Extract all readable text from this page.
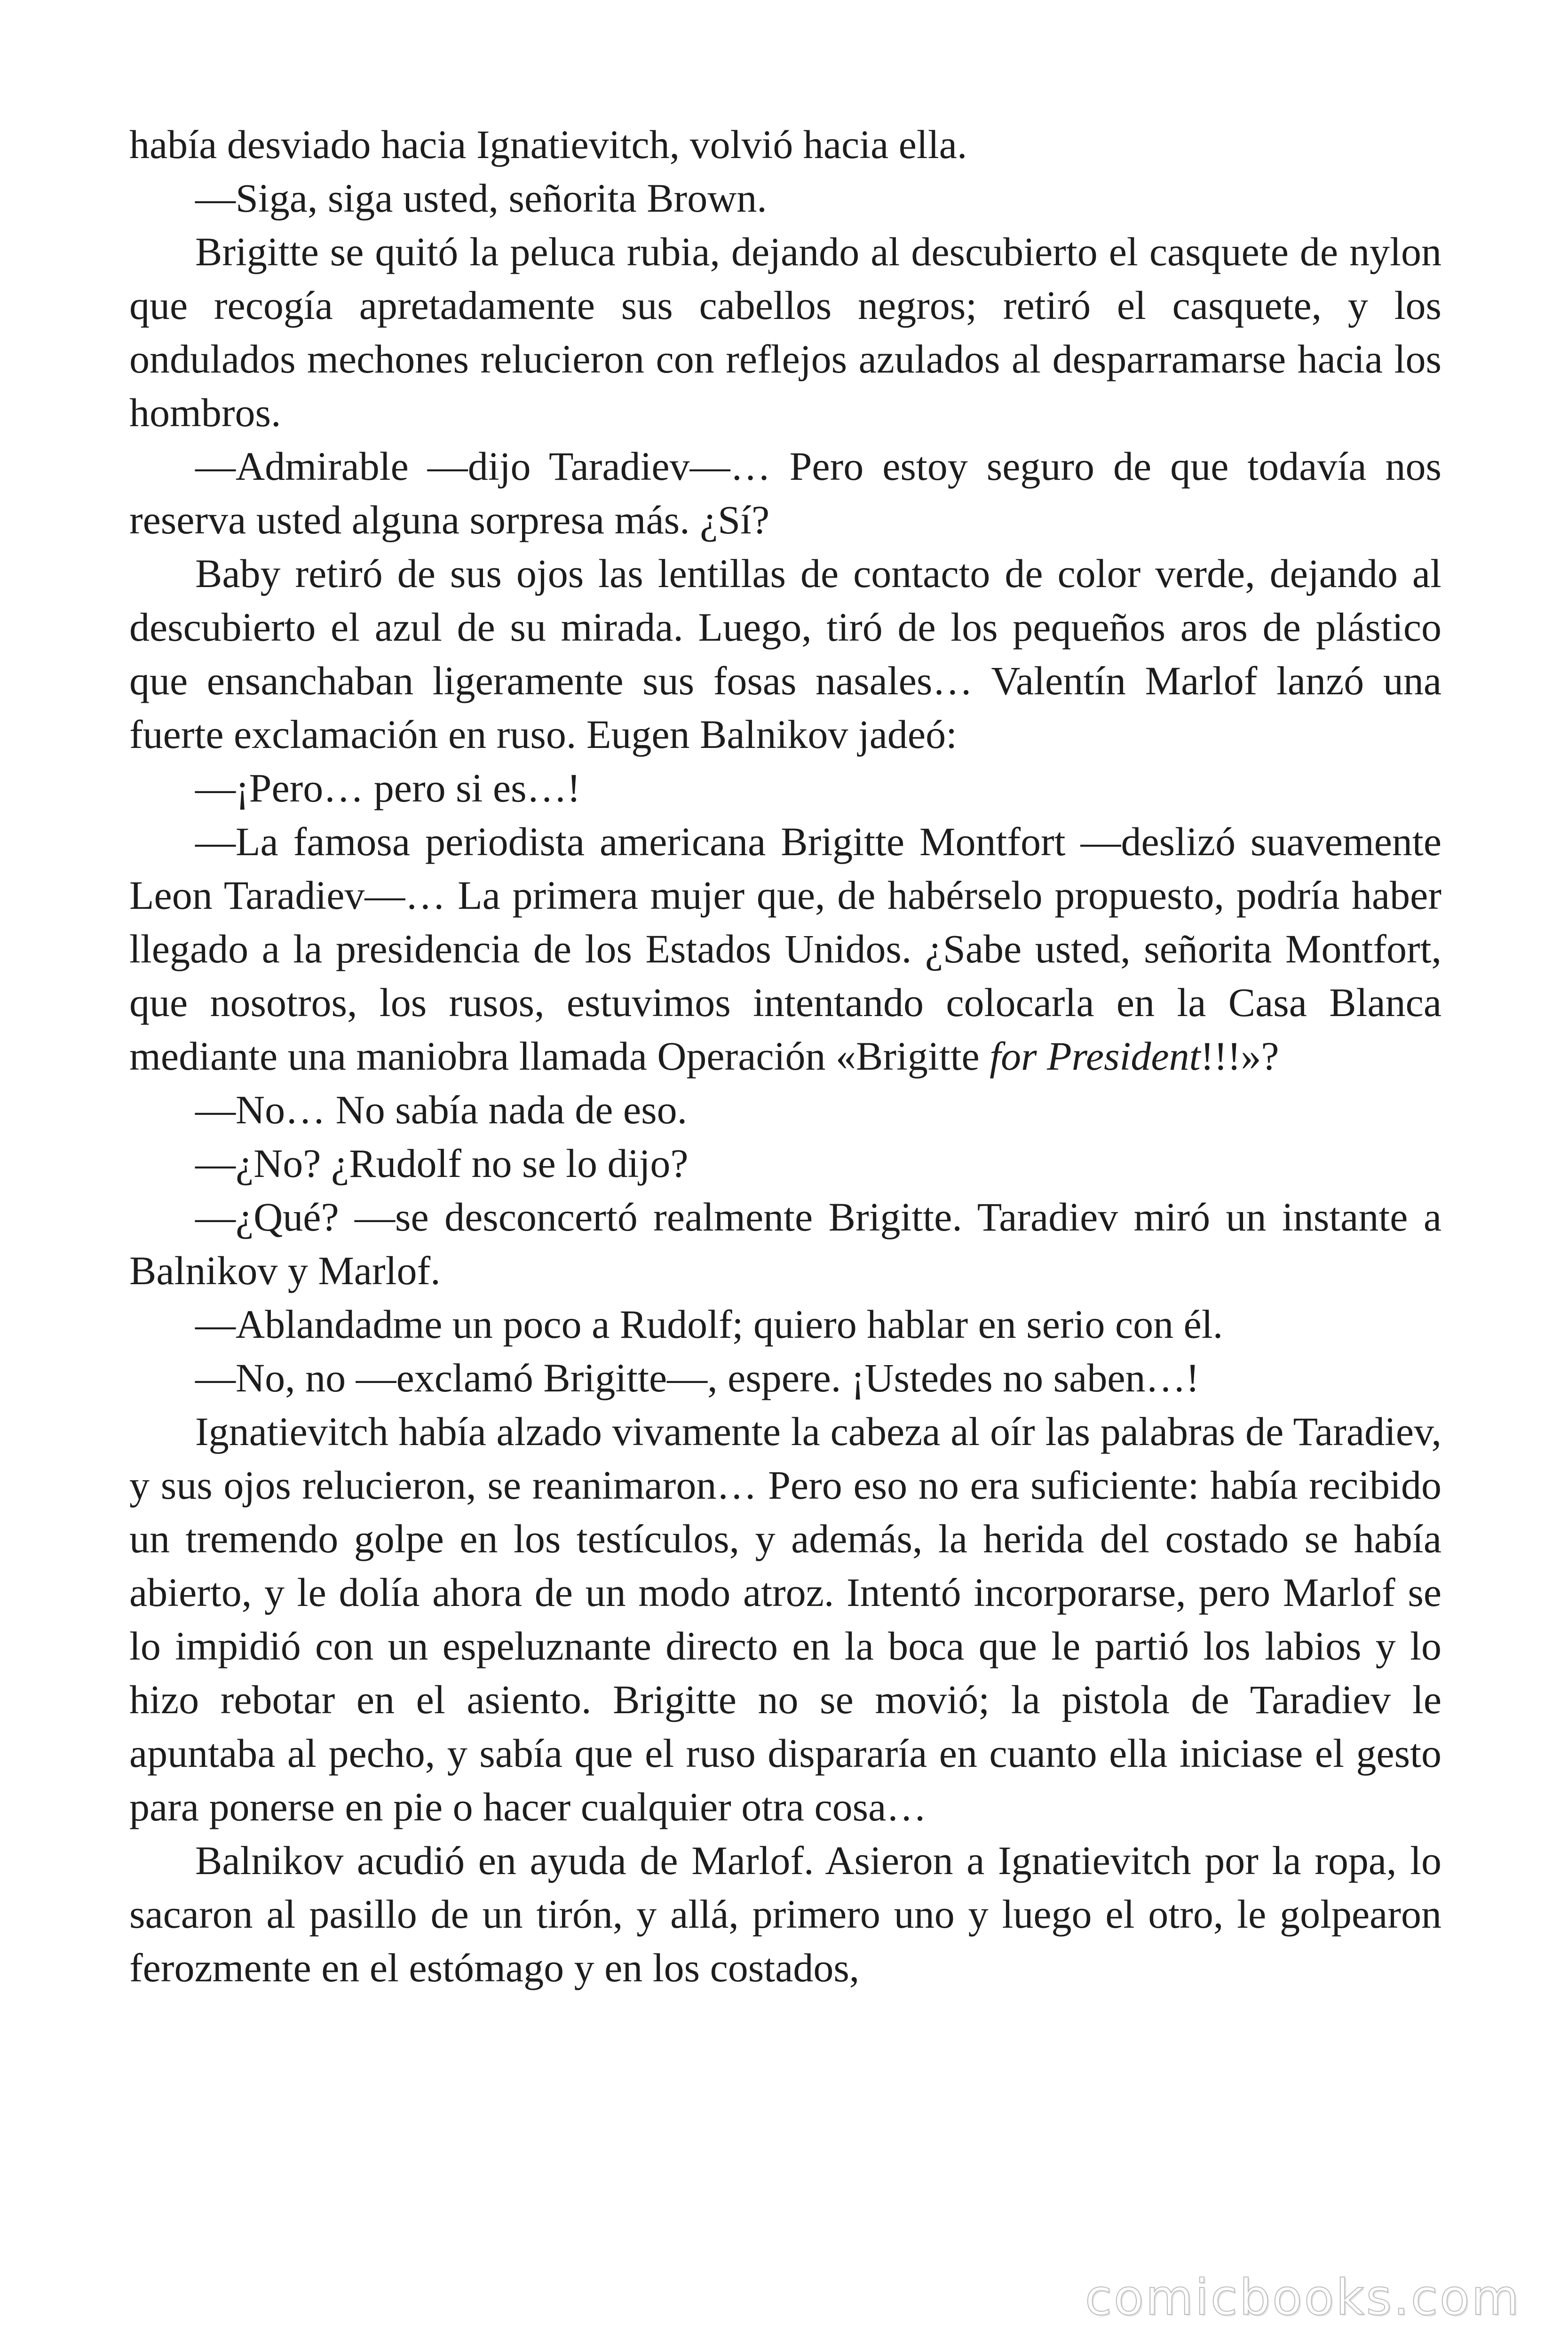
había desviado hacia Ignatievitch, volvió hacia ella.

—Siga, siga usted, señorita Brown.

Brigitte se quitó la peluca rubia, dejando al descubierto el casquete de nylon que recogía apretadamente sus cabellos negros; retiró el casquete, y los ondulados mechones relucieron con reflejos azulados al desparramarse hacia los hombros.

—Admirable —dijo Taradiev—… Pero estoy seguro de que todavía nos reserva usted alguna sorpresa más. ¿Sí?

Baby retiró de sus ojos las lentillas de contacto de color verde, dejando al descubierto el azul de su mirada. Luego, tiró de los pequeños aros de plástico que ensanchaban ligeramente sus fosas nasales… Valentín Marlof lanzó una fuerte exclamación en ruso. Eugen Balnikov jadeó:

—¡Pero… pero si es…!

—La famosa periodista americana Brigitte Montfort —deslizó suavemente Leon Taradiev—… La primera mujer que, de habérselo propuesto, podría haber llegado a la presidencia de los Estados Unidos. ¿Sabe usted, señorita Montfort, que nosotros, los rusos, estuvimos intentando colocarla en la Casa Blanca mediante una maniobra llamada Operación «Brigitte for President!!!»?

—No… No sabía nada de eso.

—¿No? ¿Rudolf no se lo dijo?

—¿Qué? —se desconcertó realmente Brigitte. Taradiev miró un instante a Balnikov y Marlof.

—Ablandadme un poco a Rudolf; quiero hablar en serio con él.

—No, no —exclamó Brigitte—, espere. ¡Ustedes no saben…!

Ignatievitch había alzado vivamente la cabeza al oír las palabras de Taradiev, y sus ojos relucieron, se reanimaron… Pero eso no era suficiente: había recibido un tremendo golpe en los testículos, y además, la herida del costado se había abierto, y le dolía ahora de un modo atroz. Intentó incorporarse, pero Marlof se lo impidió con un espeluznante directo en la boca que le partió los labios y lo hizo rebotar en el asiento. Brigitte no se movió; la pistola de Taradiev le apuntaba al pecho, y sabía que el ruso dispararía en cuanto ella iniciase el gesto para ponerse en pie o hacer cualquier otra cosa…

Balnikov acudió en ayuda de Marlof. Asieron a Ignatievitch por la ropa, lo sacaron al pasillo de un tirón, y allá, primero uno y luego el otro, le golpearon ferozmente en el estómago y en los costados,

comicbooks.com
